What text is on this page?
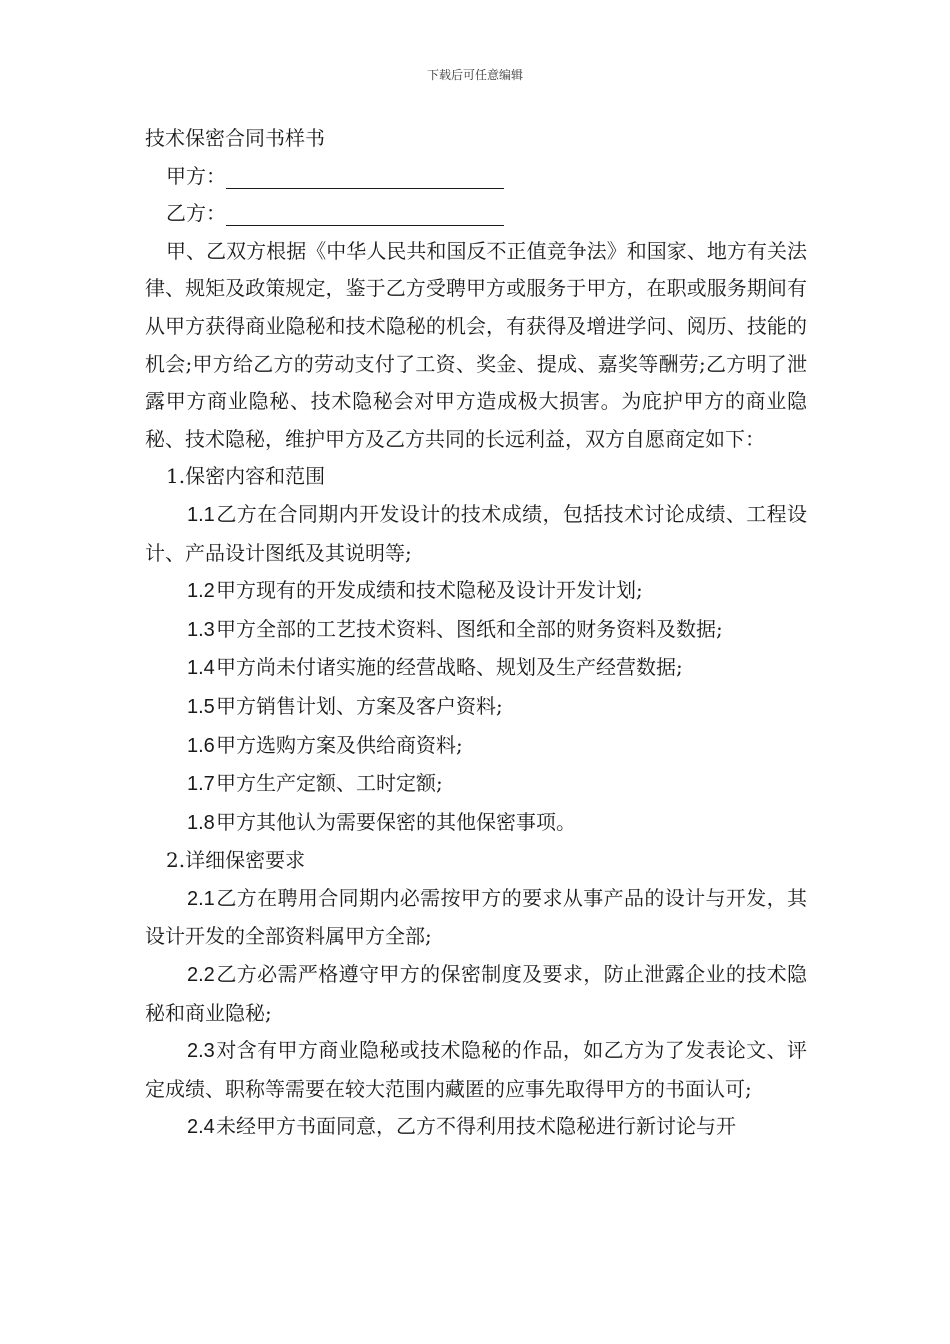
下载后可任意编辑

技术保密合同书样书

甲方：

乙方：

甲、乙双方根据《中华人民共和国反不正值竞争法》和国家、地方有关法律、规矩及政策规定，鉴于乙方受聘甲方或服务于甲方，在职或服务期间有从甲方获得商业隐秘和技术隐秘的机会，有获得及增进学问、阅历、技能的机会;甲方给乙方的劳动支付了工资、奖金、提成、嘉奖等酬劳;乙方明了泄露甲方商业隐秘、技术隐秘会对甲方造成极大损害。为庇护甲方的商业隐秘、技术隐秘，维护甲方及乙方共同的长远利益，双方自愿商定如下：

1.保密内容和范围

1.1乙方在合同期内开发设计的技术成绩，包括技术讨论成绩、工程设计、产品设计图纸及其说明等;

1.2甲方现有的开发成绩和技术隐秘及设计开发计划;

1.3甲方全部的工艺技术资料、图纸和全部的财务资料及数据;

1.4甲方尚未付诸实施的经营战略、规划及生产经营数据;

1.5甲方销售计划、方案及客户资料;

1.6甲方选购方案及供给商资料;

1.7甲方生产定额、工时定额;

1.8甲方其他认为需要保密的其他保密事项。

2.详细保密要求

2.1乙方在聘用合同期内必需按甲方的要求从事产品的设计与开发，其设计开发的全部资料属甲方全部;

2.2乙方必需严格遵守甲方的保密制度及要求，防止泄露企业的技术隐秘和商业隐秘;

2.3对含有甲方商业隐秘或技术隐秘的作品，如乙方为了发表论文、评定成绩、职称等需要在较大范围内藏匿的应事先取得甲方的书面认可;

2.4未经甲方书面同意，乙方不得利用技术隐秘进行新讨论与开
